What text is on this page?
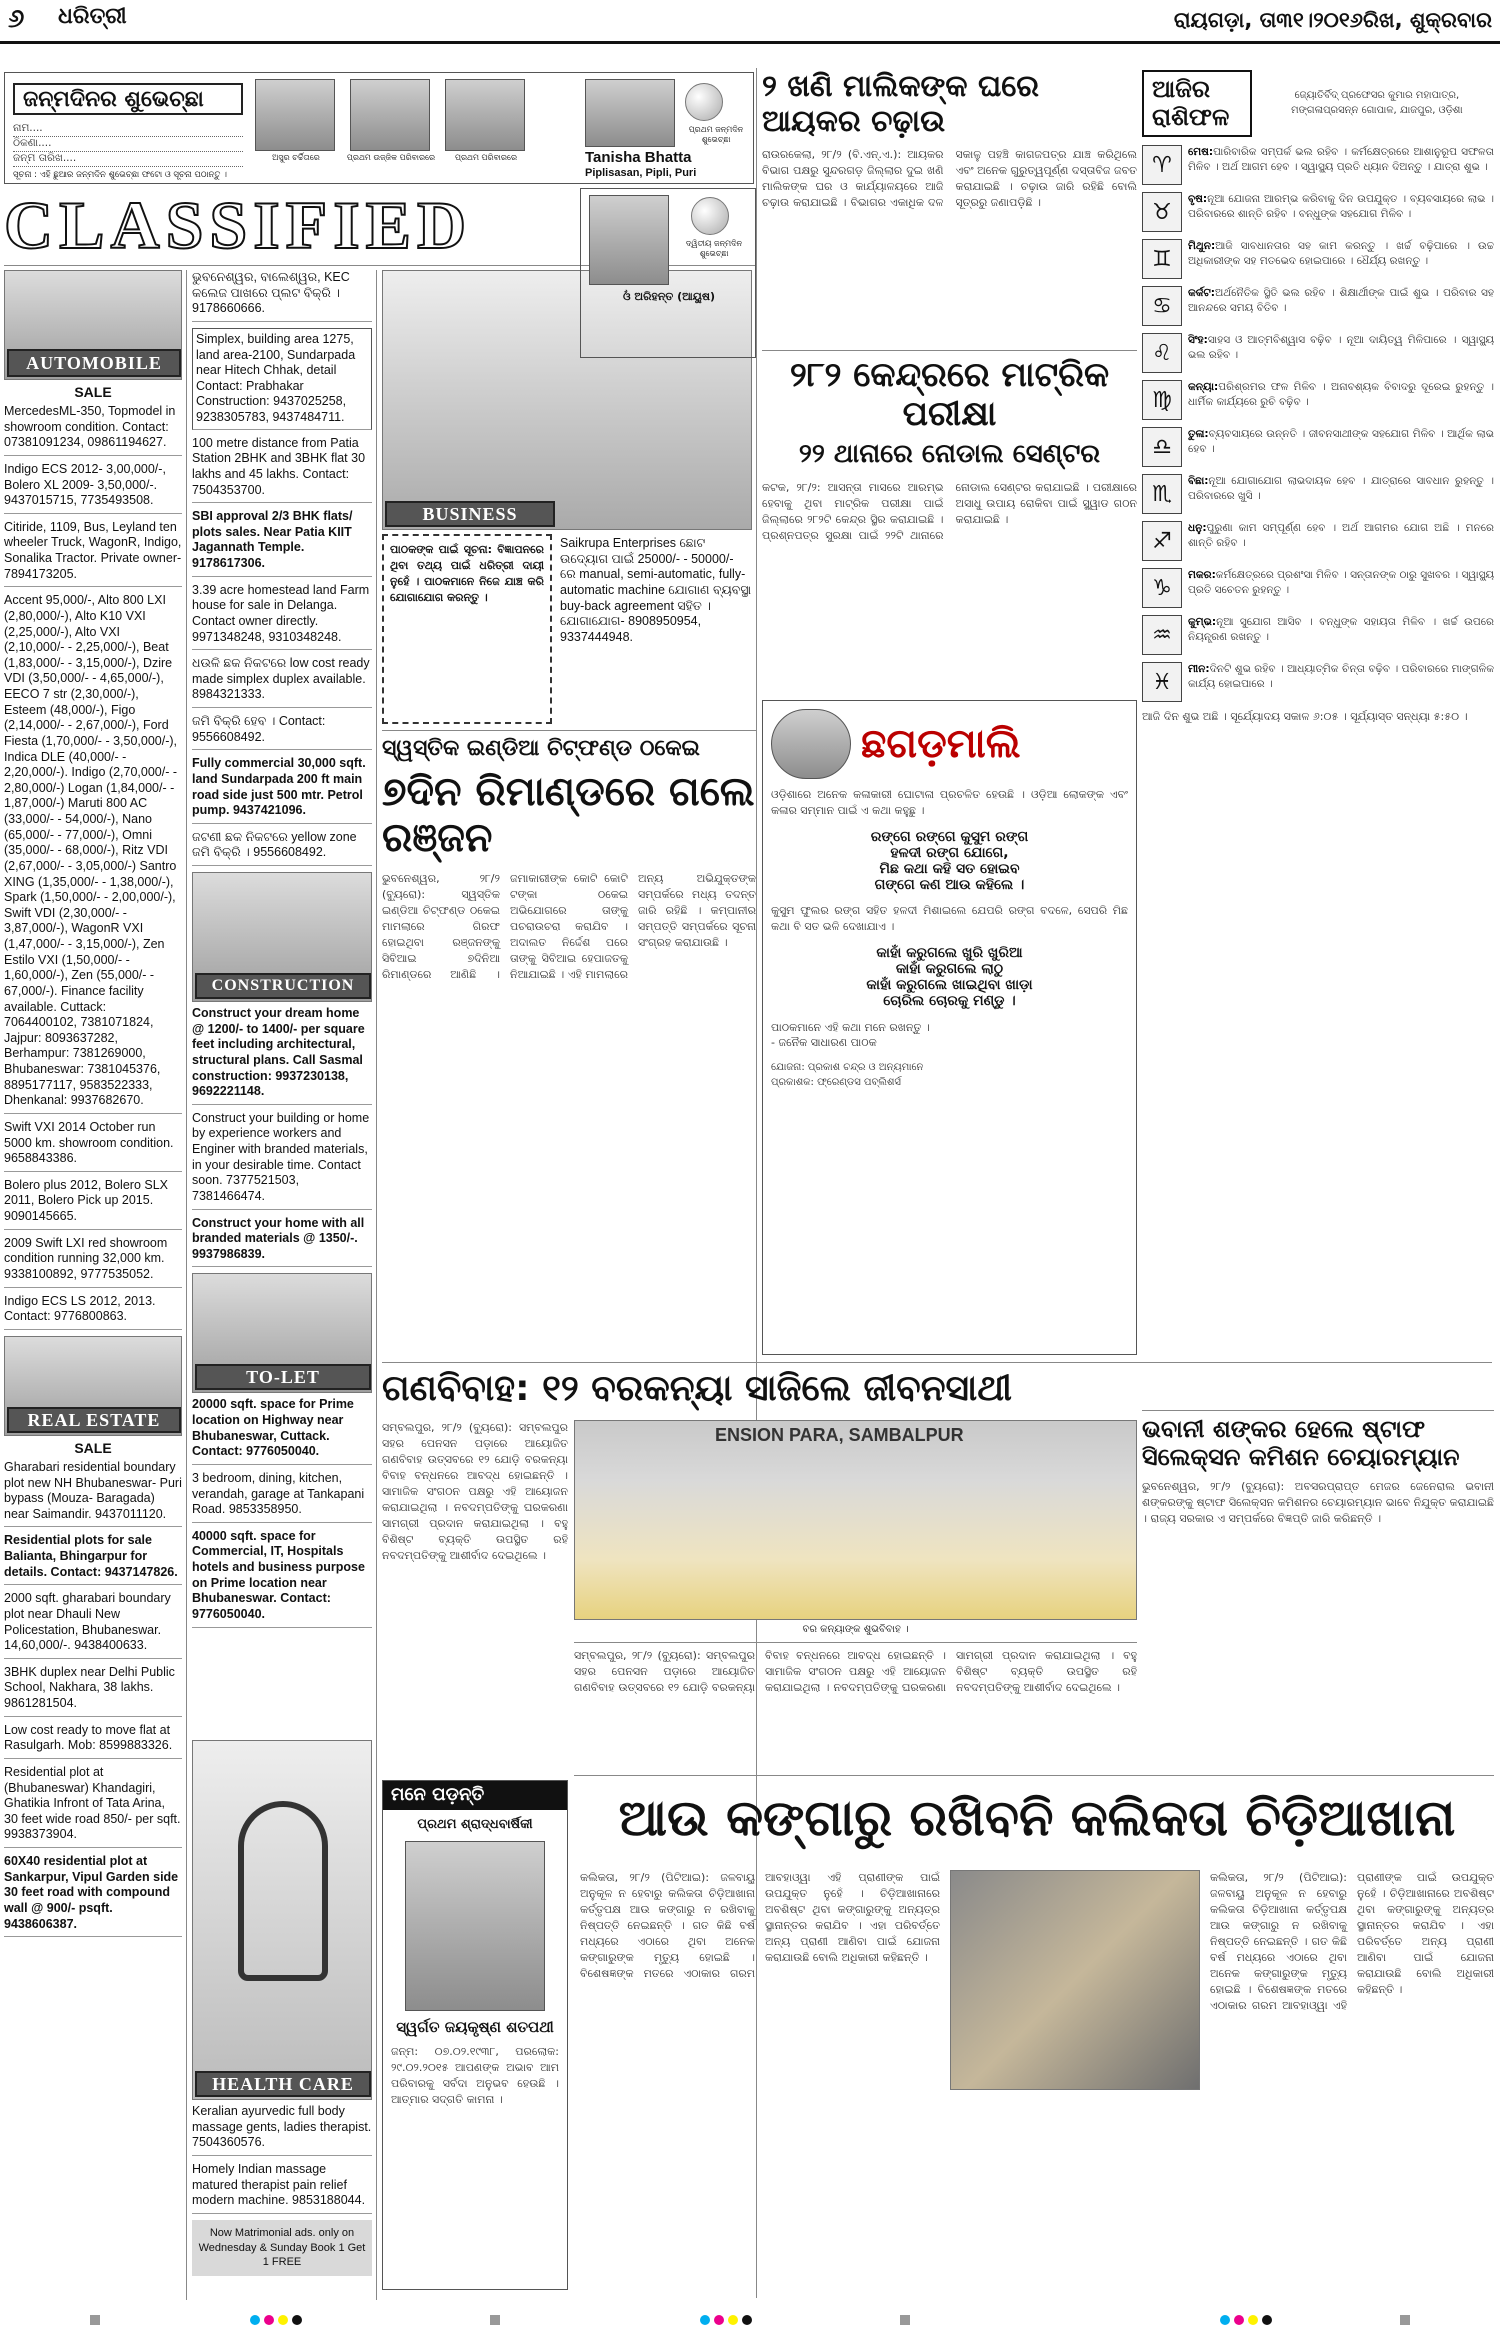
୬ ଧରିତ୍ରୀ	ରାୟଗଡ଼ା, ତା୩୧।୨୦୧୬ରିଖ, ଶୁକ୍ରବାର
ଜନ୍ମଦିନର ଶୁଭେଚ୍ଛା
ନାମ....
ଠିକଣା....
ଜନ୍ମ ତାରିଖ....	ଅସୁର ଚର୍ଚ୍ଚିତାରେ	ପ୍ରଥମ ଉଜ୍ଜିକ ପରିବାରରେ	ପ୍ରଥମ ପରିବାରରେ
ସୂଚନା : ଏହି ଛୁଆର ଜନ୍ମଦିନ ଶୁଭେଚ୍ଛା ଫଟୋ ଓ ସୂଚନା ପଠାନ୍ତୁ ।
ପ୍ରଥମ ଜନ୍ମଦିନ ଶୁଭେଚ୍ଛା
Tanisha Bhatta
Piplisasan, Pipli, Puri
CLASSIFIED
AUTOMOBILE
SALE
MercedesML-350, Topmodel in showroom condition. Contact: 07381091234, 09861194627.
Indigo ECS 2012- 3,00,000/-, Bolero XL 2009- 3,50,000/-. 9437015715, 7735493508.
Citiride, 1109, Bus, Leyland ten wheeler Truck, WagonR, Indigo, Sonalika Tractor. Private owner- 7894173205.
Accent 95,000/-, Alto 800 LXI (2,80,000/-), Alto K10 VXI (2,25,000/-), Alto VXI (2,10,000/- - 2,25,000/-), Beat (1,83,000/- - 3,15,000/-), Dzire VDI (3,50,000/- - 4,65,000/-), EECO 7 str (2,30,000/-), Esteem (48,000/-), Figo (2,14,000/- - 2,67,000/-), Ford Fiesta (1,70,000/- - 3,50,000/-), Indica DLE (40,000/- - 2,20,000/-). Indigo (2,70,000/- - 2,80,000/-) Logan (1,84,000/- - 1,87,000/-) Maruti 800 AC (33,000/- - 54,000/-), Nano (65,000/- - 77,000/-), Omni (35,000/- - 68,000/-), Ritz VDI (2,67,000/- - 3,05,000/-) Santro XING (1,35,000/- - 1,38,000/-), Spark (1,50,000/- - 2,00,000/-), Swift VDI (2,30,000/- - 3,87,000/-), WagonR VXI (1,47,000/- - 3,15,000/-), Zen Estilo VXI (1,50,000/- - 1,60,000/-), Zen (55,000/- - 67,000/-). Finance facility available. Cuttack: 7064400102, 7381071824, Jajpur: 8093637282, Berhampur: 7381269000, Bhubaneswar: 7381045376, 8895177117, 9583522333, Dhenkanal: 9937682670.
Swift VXI 2014 October run 5000 km. showroom condition. 9658843386.
Bolero plus 2012, Bolero SLX 2011, Bolero Pick up 2015. 9090145665.
2009 Swift LXI red showroom condition running 32,000 km. 9338100892, 9777535052.
Indigo ECS LS 2012, 2013. Contact: 9776800863.
REAL ESTATE
SALE
Gharabari residential boundary plot new NH Bhubaneswar- Puri bypass (Mouza- Baragada) near Saimandir. 9437011120.
Residential plots for sale Balianta, Bhingarpur for details. Contact: 9437147826.
2000 sqft. gharabari boundary plot near Dhauli New Policestation, Bhubaneswar. 14,60,000/-. 9438400633.
3BHK duplex near Delhi Public School, Nakhara, 38 lakhs. 9861281504.
Low cost ready to move flat at Rasulgarh. Mob: 8599883326.
Residential plot at (Bhubaneswar) Khandagiri, Ghatikia Infront of Tata Arina, 30 feet wide road 850/- per sqft. 9938373904.
60X40 residential plot at Sankarpur, Vipul Garden side 30 feet road with compound wall @ 900/- psqft. 9438606387.
ଭୁବନେଶ୍ୱର, ବାଲେଶ୍ୱର, KEC କଲେଜ ପାଖରେ ପ୍ଲଟ ବିକ୍ରି । 9178660666.
Simplex, building area 1275, land area-2100, Sundarpada near Hitech Chhak, detail Contact: Prabhakar Construction: 9437025258, 9238305783, 9437484711.
100 metre distance from Patia Station 2BHK and 3BHK flat 30 lakhs and 45 lakhs. Contact: 7504353700.
SBI approval 2/3 BHK flats/ plots sales. Near Patia KIIT Jagannath Temple. 9178617306.
3.39 acre homestead land Farm house for sale in Delanga. Contact owner directly. 9971348248, 9310348248.
ଧଉଳି ଛକ ନିକଟରେ low cost ready made simplex duplex available. 8984321333.
ଜମି ବିକ୍ରି ହେବ । Contact: 9556608492.
Fully commercial 30,000 sqft. land Sundarpada 200 ft main road side just 500 mtr. Petrol pump. 9437421096.
ଜଟଣୀ ଛକ ନିକଟରେ yellow zone ଜମି ବିକ୍ରି । 9556608492.
CONSTRUCTION
Construct your dream home @ 1200/- to 1400/- per square feet including architectural, structural plans. Call Sasmal construction: 9937230138, 9692221148.
Construct your building or home by experience workers and Enginer with branded materials, in your desirable time. Contact soon. 7377521503, 7381466474.
Construct your home with all branded materials @ 1350/-. 9937986839.
TO-LET
20000 sqft. space for Prime location on Highway near Bhubaneswar, Cuttack. Contact: 9776050040.
3 bedroom, dining, kitchen, verandah, garage at Tankapani Road. 9853358950.
40000 sqft. space for Commercial, IT, Hospitals hotels and business purpose on Prime location near Bhubaneswar. Contact: 9776050040.
HEALTH CARE
Keralian ayurvedic full body massage gents, ladies therapist. 7504360576.
Homely Indian massage matured therapist pain relief modern machine. 9853188044.
Now Matrimonial ads. only on Wednesday & Sunday Book 1 Get 1 FREE
BUSINESS
Saikrupa Enterprises ଛୋଟ ଉଦ୍ୟୋଗ ପାଇଁ 25000/- - 50000/- ରେ manual, semi-automatic, fully-automatic machine ଯୋଗାଣ ବ୍ୟବସ୍ଥା buy-back agreement ସହିତ । ଯୋଗାଯୋଗ- 8908950954, 9337444948.
ମନେ ପଡ଼ନ୍ତି
ପ୍ରଥମ ଶ୍ରାଦ୍ଧବାର୍ଷିକୀ
ସ୍ୱର୍ଗତ ଜୟକୃଷ୍ଣ ଶତପଥୀ
ଜନ୍ମ: ୦୭.୦୨.୧୯୩୮, ପରଲୋକ: ୨୯.୦୨.୨୦୧୫ ଆପଣଙ୍କ ଅଭାବ ଆମ ପରିବାରକୁ ସର୍ବଦା ଅନୁଭବ ହେଉଛି । ଆତ୍ମାର ସଦ୍ଗତି କାମନା ।
ଦ୍ୱିତୀୟ ଜନ୍ମଦିନ ଶୁଭେଚ୍ଛା
ଓଁ ଅରିହନ୍ତ (ଆୟୁଷ)
୨ ଖଣି ମାଲିକଙ୍କ ଘରେ ଆୟକର ଚଢ଼ାଉ
ରାଉରକେଲା, ୨୮/୨ (ବି.ଏନ୍.ଏ.): ଆୟକର ବିଭାଗ ପକ୍ଷରୁ ସୁନ୍ଦରଗଡ଼ ଜିଲ୍ଲାର ଦୁଇ ଖଣି ମାଲିକଙ୍କ ଘର ଓ କାର୍ଯ୍ୟାଳୟରେ ଆଜି ଚଢ଼ାଉ କରାଯାଇଛି । ବିଭାଗର ଏକାଧିକ ଦଳ ସକାଳୁ ପହଞ୍ଚି କାଗଜପତ୍ର ଯାଞ୍ଚ କରିଥିଲେ ଏବଂ ଅନେକ ଗୁରୁତ୍ୱପୂର୍ଣ୍ଣ ଦସ୍ତାବିଜ ଜବତ କରାଯାଇଛି । ଚଢ଼ାଉ ଜାରି ରହିଛି ବୋଲି ସୂତ୍ରରୁ ଜଣାପଡ଼ିଛି ।
୨୮୨ କେନ୍ଦ୍ରରେ ମାଟ୍ରିକ ପରୀକ୍ଷା
୨୨ ଥାନାରେ ନୋଡାଲ ସେଣ୍ଟର
କଟକ, ୨୮/୨: ଆସନ୍ତା ମାସରେ ଆରମ୍ଭ ହେବାକୁ ଥିବା ମାଟ୍ରିକ ପରୀକ୍ଷା ପାଇଁ ଜିଲ୍ଲାରେ ୨୮୨ଟି କେନ୍ଦ୍ର ସ୍ଥିର କରାଯାଇଛି । ପ୍ରଶ୍ନପତ୍ର ସୁରକ୍ଷା ପାଇଁ ୨୨ଟି ଥାନାରେ ନୋଡାଲ ସେଣ୍ଟର କରାଯାଇଛି । ପରୀକ୍ଷାରେ ଅସାଧୁ ଉପାୟ ରୋକିବା ପାଇଁ ସ୍କ୍ୱାଡ ଗଠନ କରାଯାଇଛି ।
ପାଠକଙ୍କ ପାଇଁ ସୂଚନା: ବିଜ୍ଞାପନରେ ଥିବା ତଥ୍ୟ ପାଇଁ ଧରିତ୍ରୀ ଦାୟୀ ନୁହେଁ । ପାଠକମାନେ ନିଜେ ଯାଞ୍ଚ କରି ଯୋଗାଯୋଗ କରନ୍ତୁ ।
ସ୍ୱସ୍ତିକ ଇଣ୍ଡିଆ ଚିଟ୍‌ଫଣ୍ଡ ଠକେଇ
୭ଦିନ ରିମାଣ୍ଡରେ ଗଲେ ରଞ୍ଜନ
ଭୁବନେଶ୍ୱର, ୨୮/୨ (ବ୍ୟୁରୋ): ସ୍ୱସ୍ତିକ ଇଣ୍ଡିଆ ଚିଟ୍‌ଫଣ୍ଡ ଠକେଇ ମାମଲାରେ ଗିରଫ ହୋଇଥିବା ରଞ୍ଜନଙ୍କୁ ସିବିଆଇ ୭ଦିନିଆ ରିମାଣ୍ଡରେ ଆଣିଛି । ଜମାକାରୀଙ୍କ କୋଟି କୋଟି ଟଙ୍କା ଠକେଇ ଅଭିଯୋଗରେ ତାଙ୍କୁ ପଚରାଉଚରା କରାଯିବ । ଅଦାଲତ ନିର୍ଦ୍ଦେଶ ପରେ ତାଙ୍କୁ ସିବିଆଇ ହେପାଜତକୁ ନିଆଯାଇଛି । ଏହି ମାମଲାରେ ଅନ୍ୟ ଅଭିଯୁକ୍ତଙ୍କ ସମ୍ପର୍କରେ ମଧ୍ୟ ତଦନ୍ତ ଜାରି ରହିଛି । କମ୍ପାନୀର ସମ୍ପତ୍ତି ସମ୍ପର୍କରେ ସୂଚନା ସଂଗ୍ରହ କରାଯାଉଛି ।
ଛଗଡ଼ମାଲି
ଓଡ଼ିଶାରେ ଅନେକ କଳାକାରୀ ଘୋଟାଳା ପ୍ରଚଳିତ ହେଉଛି । ଓଡ଼ିଆ ଲୋକଙ୍କ ଏବଂ କଳାର ସମ୍ମାନ ପାଇଁ ଏ କଥା କହୁଛୁ ।
ରଙ୍ଗେ ରଙ୍ଗେ କୁସୁମ ରଙ୍ଗ
ହଳଦୀ ରଙ୍ଗ ଯୋଗେ,
ମିଛ କଥା କହି ସତ ହୋଇବ
ଗଙ୍ଗେ କଣ ଆଉ କହିଲେ ।
କୁସୁମ ଫୁଲର ରଙ୍ଗ ସହିତ ହଳଦୀ ମିଶାଇଲେ ଯେପରି ରଙ୍ଗ ବଦଳେ, ସେପରି ମିଛ କଥା ବି ସତ ଭଳି ଦେଖାଯାଏ ।
କାହାଁ କରୁଗଲେ ଖୁରି ଖୁରିଆ
କାହାଁ କରୁଗଲେ ଲାଠୁ
କାହାଁ କରୁଗଲେ ଖାଇଥିବା ଖାଡ଼ା
ଚୋରିଲ ଚୋରକୁ ମଣ୍ଡୁ ।
ପାଠକମାନେ ଏହି କଥା ମନେ ରଖନ୍ତୁ ।
- ଜନୈକ ସାଧାରଣ ପାଠକ
ଯୋଜନା: ପ୍ରକାଶ ଚନ୍ଦ୍ର ଓ ଅନ୍ୟମାନେ
ପ୍ରକାଶକ: ଫ୍ରେଣ୍ଡସ ପବ୍ଲିଶର୍ସ
ଗଣବିବାହ: ୧୨ ବରକନ୍ୟା ସାଜିଲେ ଜୀବନସାଥୀ
ସମ୍ବଲପୁର, ୨୮/୨ (ବ୍ୟୁରୋ): ସମ୍ବଲପୁର ସହର ପେନସନ ପଡ଼ାରେ ଆୟୋଜିତ ଗଣବିବାହ ଉତ୍ସବରେ ୧୨ ଯୋଡ଼ି ବରକନ୍ୟା ବିବାହ ବନ୍ଧନରେ ଆବଦ୍ଧ ହୋଇଛନ୍ତି । ସାମାଜିକ ସଂଗଠନ ପକ୍ଷରୁ ଏହି ଆୟୋଜନ କରାଯାଇଥିଲା । ନବଦମ୍ପତିଙ୍କୁ ଘରକରଣା ସାମଗ୍ରୀ ପ୍ରଦାନ କରାଯାଇଥିଲା । ବହୁ ବିଶିଷ୍ଟ ବ୍ୟକ୍ତି ଉପସ୍ଥିତ ରହି ନବଦମ୍ପତିଙ୍କୁ ଆଶୀର୍ବାଦ ଦେଇଥିଲେ ।
ENSION PARA, SAMBALPUR
ବର କନ୍ୟାଙ୍କ ଶୁଭବିବାହ ।
ସମ୍ବଲପୁର, ୨୮/୨ (ବ୍ୟୁରୋ): ସମ୍ବଲପୁର ସହର ପେନସନ ପଡ଼ାରେ ଆୟୋଜିତ ଗଣବିବାହ ଉତ୍ସବରେ ୧୨ ଯୋଡ଼ି ବରକନ୍ୟା ବିବାହ ବନ୍ଧନରେ ଆବଦ୍ଧ ହୋଇଛନ୍ତି । ସାମାଜିକ ସଂଗଠନ ପକ୍ଷରୁ ଏହି ଆୟୋଜନ କରାଯାଇଥିଲା । ନବଦମ୍ପତିଙ୍କୁ ଘରକରଣା ସାମଗ୍ରୀ ପ୍ରଦାନ କରାଯାଇଥିଲା । ବହୁ ବିଶିଷ୍ଟ ବ୍ୟକ୍ତି ଉପସ୍ଥିତ ରହି ନବଦମ୍ପତିଙ୍କୁ ଆଶୀର୍ବାଦ ଦେଇଥିଲେ ।
ଆଜିର ରାଶିଫଳ
ଜ୍ୟୋତିର୍ବିଦ୍ ପ୍ରଫେସର କୁମାର ମହାପାତ୍ର, ମଙ୍ଗଳାପ୍ରସନ୍ନ ଗୋପାଳ, ଯାଜପୁର, ଓଡ଼ିଶା
♈
ମେଷ:ପାରିବାରିକ ସମ୍ପର୍କ ଭଲ ରହିବ । କର୍ମକ୍ଷେତ୍ରରେ ଆଶାନୁରୂପ ସଫଳତା ମିଳିବ । ଅର୍ଥ ଆଗମ ହେବ । ସ୍ୱାସ୍ଥ୍ୟ ପ୍ରତି ଧ୍ୟାନ ଦିଅନ୍ତୁ । ଯାତ୍ରା ଶୁଭ ।
♉
ବୃଷ:ନୂଆ ଯୋଜନା ଆରମ୍ଭ କରିବାକୁ ଦିନ ଉପଯୁକ୍ତ । ବ୍ୟବସାୟରେ ଲାଭ । ପରିବାରରେ ଶାନ୍ତି ରହିବ । ବନ୍ଧୁଙ୍କ ସହଯୋଗ ମିଳିବ ।
♊
ମିଥୁନ:ଆଜି ସାବଧାନତାର ସହ କାମ କରନ୍ତୁ । ଖର୍ଚ୍ଚ ବଢ଼ିପାରେ । ଉଚ୍ଚ ଅଧିକାରୀଙ୍କ ସହ ମତଭେଦ ହୋଇପାରେ । ଧୈର୍ଯ୍ୟ ରଖନ୍ତୁ ।
♋
କର୍କଟ:ଅର୍ଥନୈତିକ ସ୍ଥିତି ଭଲ ରହିବ । ଶିକ୍ଷାର୍ଥୀଙ୍କ ପାଇଁ ଶୁଭ । ପରିବାର ସହ ଆନନ୍ଦରେ ସମୟ ବିତିବ ।
♌
ସିଂହ:ସାହସ ଓ ଆତ୍ମବିଶ୍ୱାସ ବଢ଼ିବ । ନୂଆ ଦାୟିତ୍ୱ ମିଳିପାରେ । ସ୍ୱାସ୍ଥ୍ୟ ଭଲ ରହିବ ।
♍
କନ୍ୟା:ପରିଶ୍ରମର ଫଳ ମିଳିବ । ଅନାବଶ୍ୟକ ବିବାଦରୁ ଦୂରେଇ ରୁହନ୍ତୁ । ଧାର୍ମିକ କାର୍ଯ୍ୟରେ ରୁଚି ବଢ଼ିବ ।
♎
ତୁଳା:ବ୍ୟବସାୟରେ ଉନ୍ନତି । ଜୀବନସାଥୀଙ୍କ ସହଯୋଗ ମିଳିବ । ଆର୍ଥିକ ଲାଭ ହେବ ।
♏
ବିଛା:ନୂଆ ଯୋଗାଯୋଗ ଲାଭଦାୟକ ହେବ । ଯାତ୍ରାରେ ସାବଧାନ ରୁହନ୍ତୁ । ପରିବାରରେ ଖୁସି ।
♐
ଧନୁ:ପୁରୁଣା କାମ ସମ୍ପୂର୍ଣ୍ଣ ହେବ । ଅର୍ଥ ଆଗମର ଯୋଗ ଅଛି । ମନରେ ଶାନ୍ତି ରହିବ ।
♑
ମକର:କର୍ମକ୍ଷେତ୍ରରେ ପ୍ରଶଂସା ମିଳିବ । ସନ୍ତାନଙ୍କ ଠାରୁ ସୁଖବର । ସ୍ୱାସ୍ଥ୍ୟ ପ୍ରତି ସଚେତନ ରୁହନ୍ତୁ ।
♒
କୁମ୍ଭ:ନୂଆ ସୁଯୋଗ ଆସିବ । ବନ୍ଧୁଙ୍କ ସହାୟତା ମିଳିବ । ଖର୍ଚ୍ଚ ଉପରେ ନିୟନ୍ତ୍ରଣ ରଖନ୍ତୁ ।
♓
ମୀନ:ଦିନଟି ଶୁଭ ରହିବ । ଆଧ୍ୟାତ୍ମିକ ଚିନ୍ତା ବଢ଼ିବ । ପରିବାରରେ ମାଙ୍ଗଳିକ କାର୍ଯ୍ୟ ହୋଇପାରେ ।
ଆଜି ଦିନ ଶୁଭ ଅଛି । ସୂର୍ଯ୍ୟୋଦୟ ସକାଳ ୬:୦୫ । ସୂର୍ଯ୍ୟାସ୍ତ ସନ୍ଧ୍ୟା ୫:୫୦ ।
ଭବାନୀ ଶଙ୍କର ହେଲେ ଷ୍ଟାଫ ସିଲେକ୍ସନ କମିଶନ ଚେୟାରମ୍ୟାନ
ଭୁବନେଶ୍ୱର, ୨୮/୨ (ବ୍ୟୁରୋ): ଅବସରପ୍ରାପ୍ତ ମେଜର ଜେନେରାଲ ଭବାନୀ ଶଙ୍କରଙ୍କୁ ଷ୍ଟାଫ ସିଲେକ୍ସନ କମିଶନର ଚେୟାରମ୍ୟାନ ଭାବେ ନିଯୁକ୍ତ କରାଯାଇଛି । ରାଜ୍ୟ ସରକାର ଏ ସମ୍ପର୍କରେ ବିଜ୍ଞପ୍ତି ଜାରି କରିଛନ୍ତି ।
ଆଉ କଙ୍ଗାରୁ ରଖିବନି କଲିକତା ଚିଡ଼ିଆଖାନା
କଲିକତା, ୨୮/୨ (ପିଟିଆଇ): ଜଳବାୟୁ ଅନୁକୂଳ ନ ହେବାରୁ କଲିକତା ଚିଡ଼ିଆଖାନା କର୍ତ୍ତୃପକ୍ଷ ଆଉ କଙ୍ଗାରୁ ନ ରଖିବାକୁ ନିଷ୍ପତ୍ତି ନେଇଛନ୍ତି । ଗତ କିଛି ବର୍ଷ ମଧ୍ୟରେ ଏଠାରେ ଥିବା ଅନେକ କଙ୍ଗାରୁଙ୍କ ମୃତ୍ୟୁ ହୋଇଛି । ବିଶେଷଜ୍ଞଙ୍କ ମତରେ ଏଠାକାର ଗରମ ଆବହାଓ୍ୱା ଏହି ପ୍ରାଣୀଙ୍କ ପାଇଁ ଉପଯୁକ୍ତ ନୁହେଁ । ଚିଡ଼ିଆଖାନାରେ ଅବଶିଷ୍ଟ ଥିବା କଙ୍ଗାରୁଙ୍କୁ ଅନ୍ୟତ୍ର ସ୍ଥାନାନ୍ତର କରାଯିବ । ଏହା ପରିବର୍ତ୍ତେ ଅନ୍ୟ ପ୍ରାଣୀ ଆଣିବା ପାଇଁ ଯୋଜନା କରାଯାଉଛି ବୋଲି ଅଧିକାରୀ କହିଛନ୍ତି ।
କଲିକତା, ୨୮/୨ (ପିଟିଆଇ): ଜଳବାୟୁ ଅନୁକୂଳ ନ ହେବାରୁ କଲିକତା ଚିଡ଼ିଆଖାନା କର୍ତ୍ତୃପକ୍ଷ ଆଉ କଙ୍ଗାରୁ ନ ରଖିବାକୁ ନିଷ୍ପତ୍ତି ନେଇଛନ୍ତି । ଗତ କିଛି ବର୍ଷ ମଧ୍ୟରେ ଏଠାରେ ଥିବା ଅନେକ କଙ୍ଗାରୁଙ୍କ ମୃତ୍ୟୁ ହୋଇଛି । ବିଶେଷଜ୍ଞଙ୍କ ମତରେ ଏଠାକାର ଗରମ ଆବହାଓ୍ୱା ଏହି ପ୍ରାଣୀଙ୍କ ପାଇଁ ଉପଯୁକ୍ତ ନୁହେଁ । ଚିଡ଼ିଆଖାନାରେ ଅବଶିଷ୍ଟ ଥିବା କଙ୍ଗାରୁଙ୍କୁ ଅନ୍ୟତ୍ର ସ୍ଥାନାନ୍ତର କରାଯିବ । ଏହା ପରିବର୍ତ୍ତେ ଅନ୍ୟ ପ୍ରାଣୀ ଆଣିବା ପାଇଁ ଯୋଜନା କରାଯାଉଛି ବୋଲି ଅଧିକାରୀ କହିଛନ୍ତି ।
